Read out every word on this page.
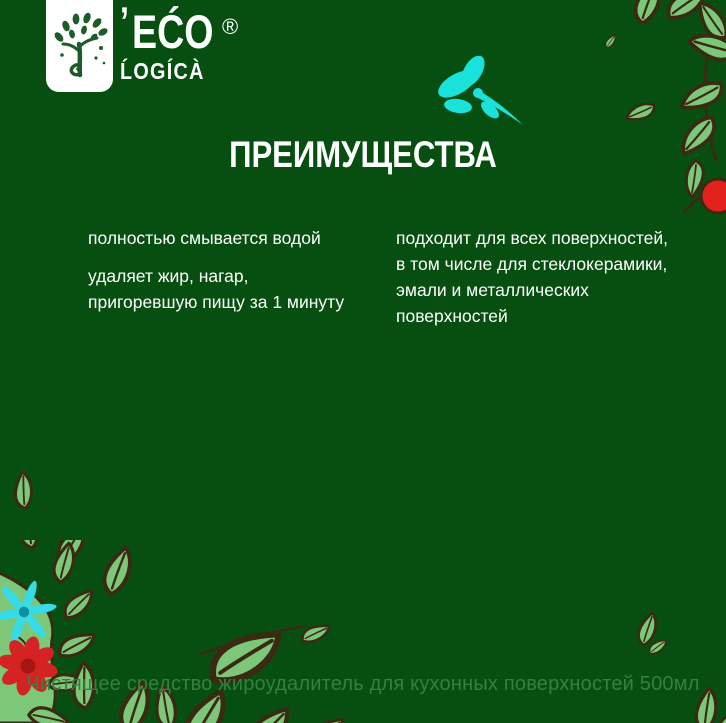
’ EĆO ®
ĹOGÍCÀ
ПРЕИМУЩЕСТВА
полностью смывается водой
удаляет жир, нагар,
пригоревшую пищу за 1 минуту
подходит для всех поверхностей,
в том числе для стеклокерамики,
эмали и металлических поверхностей
Чистящее средство жироудалитель для кухонных поверхностей 500мл
